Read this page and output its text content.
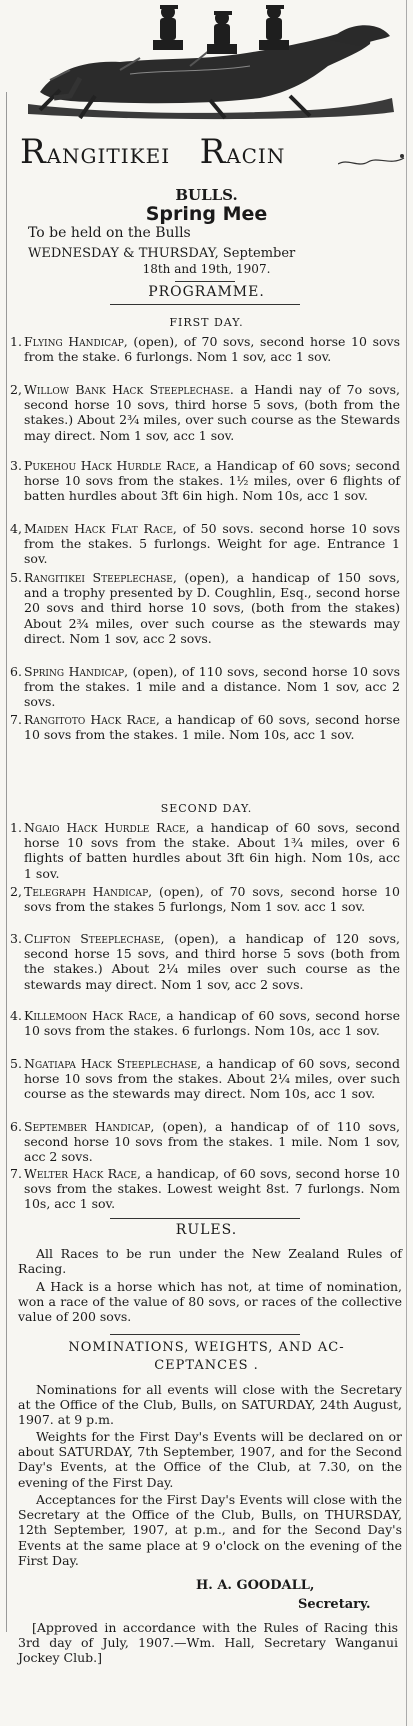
RANGITIKEI RACIN
BULLS.
Spring Mee
To be held on the Bulls
WEDNESDAY & THURSDAY, September
18th and 19th, 1907.
PROGRAMME.
FIRST DAY.
1. Flying Handicap, (open), of 70 sovs, second horse 10 sovs from the stake. 6 furlongs. Nom 1 sov, acc 1 sov.
2, Willow Bank Hack Steeplechase. a Handi nay of 7o sovs, second horse 10 sovs, third horse 5 sovs, (both from the stakes.) About 2¾ miles, over such course as the Stewards may direct. Nom 1 sov, acc 1 sov.
3. Pukehou Hack Hurdle Race, a Handicap of 60 sovs; second horse 10 sovs from the stakes. 1½ miles, over 6 flights of batten hurdles about 3ft 6in high. Nom 10s, acc 1 sov.
4, Maiden Hack Flat Race, of 50 sovs. second horse 10 sovs from the stakes. 5 furlongs. Weight for age. Entrance 1 sov.
5. Rangitikei Steeplechase, (open), a handicap of 150 sovs, and a trophy presented by D. Coughlin, Esq., second horse 20 sovs and third horse 10 sovs, (both from the stakes) About 2¾ miles, over such course as the stewards may direct. Nom 1 sov, acc 2 sovs.
6. Spring Handicap, (open), of 110 sovs, second horse 10 sovs from the stakes. 1 mile and a distance. Nom 1 sov, acc 2 sovs.
7. Rangitoto Hack Race, a handicap of 60 sovs, second horse 10 sovs from the stakes. 1 mile. Nom 10s, acc 1 sov.
SECOND DAY.
1. Ngaio Hack Hurdle Race, a handicap of 60 sovs, second horse 10 sovs from the stake. About 1¾ miles, over 6 flights of batten hurdles about 3ft 6in high. Nom 10s, acc 1 sov.
2, Telegraph Handicap, (open), of 70 sovs, second horse 10 sovs from the stakes 5 furlongs, Nom 1 sov. acc 1 sov.
3. Clifton Steeplechase, (open), a handicap of 120 sovs, second horse 15 sovs, and third horse 5 sovs (both from the stakes.) About 2¼ miles over such course as the stewards may direct. Nom 1 sov, acc 2 sovs.
4. Killemoon Hack Race, a handicap of 60 sovs, second horse 10 sovs from the stakes. 6 furlongs. Nom 10s, acc 1 sov.
5. Ngatiapa Hack Steeplechase, a handicap of 60 sovs, second horse 10 sovs from the stakes. About 2¼ miles, over such course as the stewards may direct. Nom 10s, acc 1 sov.
6. September Handicap, (open), a handicap of of 110 sovs, second horse 10 sovs from the stakes. 1 mile. Nom 1 sov, acc 2 sovs.
7. Welter Hack Race, a handicap, of 60 sovs, second horse 10 sovs from the stakes. Lowest weight 8st. 7 furlongs. Nom 10s, acc 1 sov.
RULES.
All Races to be run under the New Zealand Rules of Racing.
A Hack is a horse which has not, at time of nomination, won a race of the value of 80 sovs, or races of the collective value of 200 sovs.
NOMINATIONS, WEIGHTS, AND AC-
CEPTANCES .
Nominations for all events will close with the Secretary at the Office of the Club, Bulls, on SATURDAY, 24th August, 1907. at 9 p.m.
Weights for the First Day's Events will be declared on or about SATURDAY, 7th September, 1907, and for the Second Day's Events, at the Office of the Club, at 7.30, on the evening of the First Day.
Acceptances for the First Day's Events will close with the Secretary at the Office of the Club, Bulls, on THURSDAY, 12th September, 1907, at p.m., and for the Second Day's Events at the same place at 9 o'clock on the evening of the First Day.
H. A. GOODALL,
Secretary.
[Approved in accordance with the Rules of Racing this 3rd day of July, 1907.—Wm. Hall, Secretary Wanganui Jockey Club.]
